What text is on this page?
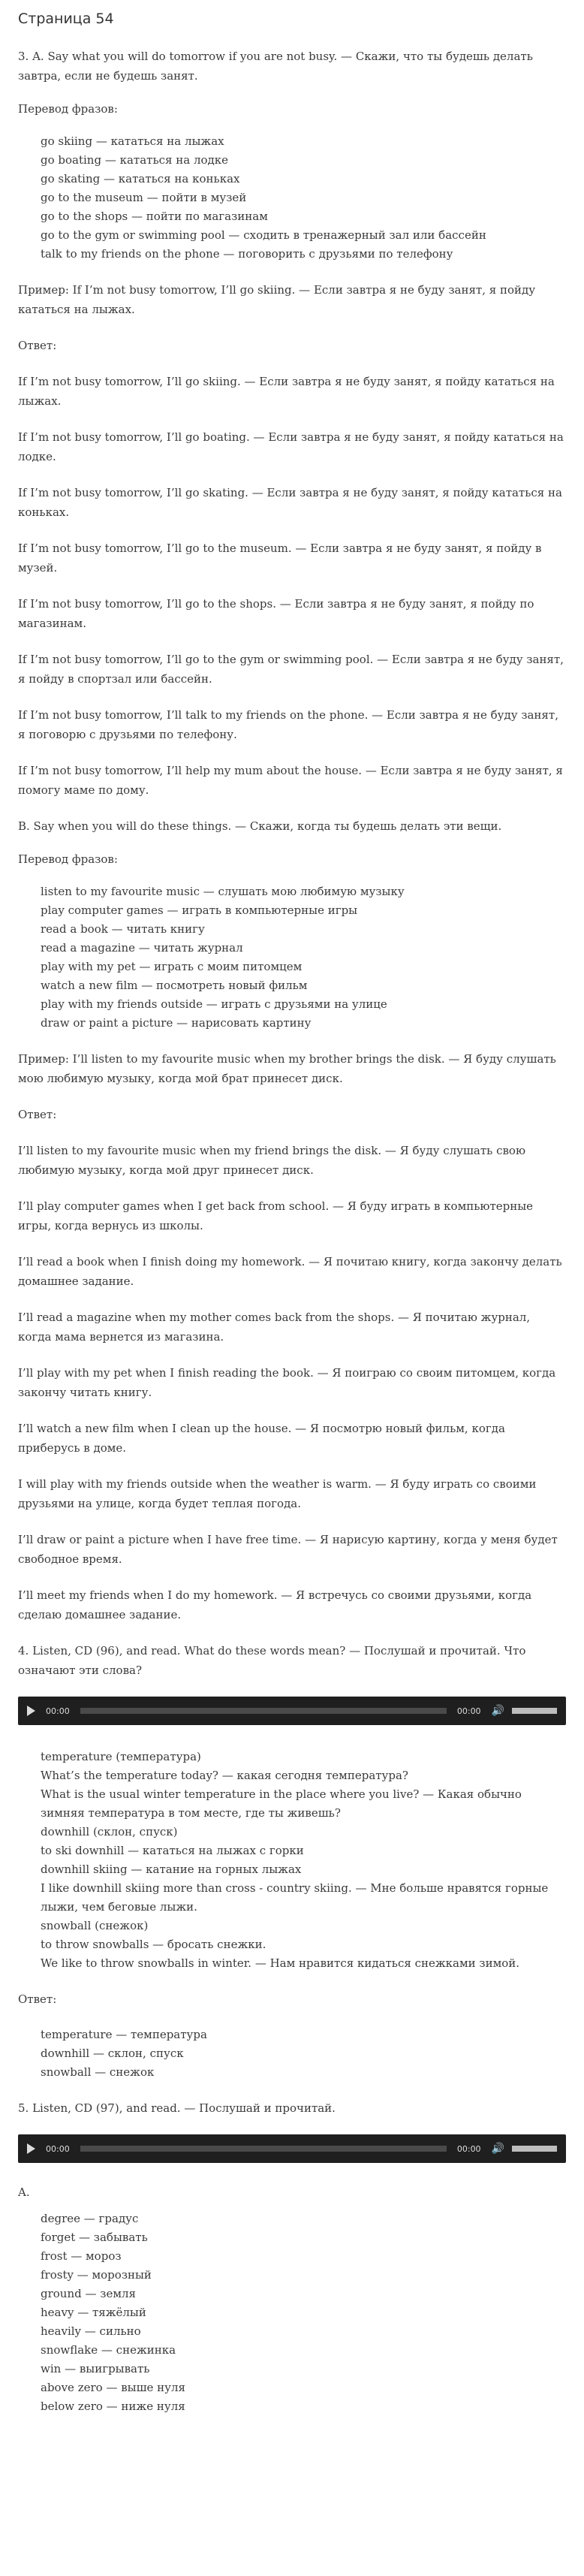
Страница 54

3. A. Say what you will do tomorrow if you are not busy. — Скажи, что ты будешь делать завтра, если не будешь занят.

Перевод фразов:
go skiing — кататься на лыжах
go boating — кататься на лодке
go skating — кататься на коньках
go to the museum — пойти в музей
go to the shops — пойти по магазинам
go to the gym or swimming pool — сходить в тренажерный зал или бассейн
talk to my friends on the phone — поговорить с друзьями по телефону

Пример: If I’m not busy tomorrow, I’ll go skiing. — Если завтра я не буду занят, я пойду кататься на лыжах.

Ответ:

If I’m not busy tomorrow, I’ll go skiing. — Если завтра я не буду занят, я пойду кататься на лыжах.

If I’m not busy tomorrow, I’ll go boating. — Если завтра я не буду занят, я пойду кататься на лодке.

If I’m not busy tomorrow, I’ll go skating. — Если завтра я не буду занят, я пойду кататься на коньках.

If I’m not busy tomorrow, I’ll go to the museum. — Если завтра я не буду занят, я пойду в музей.

If I’m not busy tomorrow, I’ll go to the shops. — Если завтра я не буду занят, я пойду по магазинам.

If I’m not busy tomorrow, I’ll go to the gym or swimming pool. — Если завтра я не буду занят, я пойду в спортзал или бассейн.

If I’m not busy tomorrow, I’ll talk to my friends on the phone. — Если завтра я не буду занят, я поговорю с друзьями по телефону.

If I’m not busy tomorrow, I’ll help my mum about the house. — Если завтра я не буду занят, я помогу маме по дому.

B. Say when you will do these things. — Скажи, когда ты будешь делать эти вещи.

Перевод фразов:
listen to my favourite music — слушать мою любимую музыку
play computer games — играть в компьютерные игры
read a book — читать книгу
read a magazine — читать журнал
play with my pet — играть с моим питомцем
watch a new film — посмотреть новый фильм
play with my friends outside — играть с друзьями на улице
draw or paint a picture — нарисовать картину

Пример: I’ll listen to my favourite music when my brother brings the disk. — Я буду слушать мою любимую музыку, когда мой брат принесет диск.

Ответ:

I’ll listen to my favourite music when my friend brings the disk. — Я буду слушать свою любимую музыку, когда мой друг принесет диск.

I’ll play computer games when I get back from school. — Я буду играть в компьютерные игры, когда вернусь из школы.

I’ll read a book when I finish doing my homework. — Я почитаю книгу, когда закончу делать домашнее задание.

I’ll read a magazine when my mother comes back from the shops. — Я почитаю журнал, когда мама вернется из магазина.

I’ll play with my pet when I finish reading the book. — Я поиграю со своим питомцем, когда закончу читать книгу.

I’ll watch a new film when I clean up the house. — Я посмотрю новый фильм, когда приберусь в доме.

I will play with my friends outside when the weather is warm. — Я буду играть со своими друзьями на улице, когда будет теплая погода.

I’ll draw or paint a picture when I have free time. — Я нарисую картину, когда у меня будет свободное время.

I’ll meet my friends when I do my homework. — Я встречусь со своими друзьями, когда сделаю домашнее задание.

4. Listen, CD (96), and read. What do these words mean? — Послушай и прочитай. Что означают эти слова?

00:00	00:00 🔊
temperature (температура)
What’s the temperature today? — какая сегодня температура?
What is the usual winter temperature in the place where you live? — Какая обычно зимняя температура в том месте, где ты живешь?
downhill (склон, спуск)
to ski downhill — кататься на лыжах с горки
downhill skiing — катание на горных лыжах
I like downhill skiing more than cross - country skiing. — Мне больше нравятся горные лыжи, чем беговые лыжи.
snowball (снежок)
to throw snowballs — бросать снежки.
We like to throw snowballs in winter. — Нам нравится кидаться снежками зимой.

Ответ:

temperature — температура
downhill — склон, спуск
snowball — снежок

5. Listen, CD (97), and read. — Послушай и прочитай.

00:00	00:00 🔊
A.
degree — градус
forget — забывать
frost — мороз
frosty — морозный
ground — земля
heavy — тяжёлый
heavily — сильно
snowflake — снежинка
win — выигрывать
above zero — выше нуля
below zero — ниже нуля
